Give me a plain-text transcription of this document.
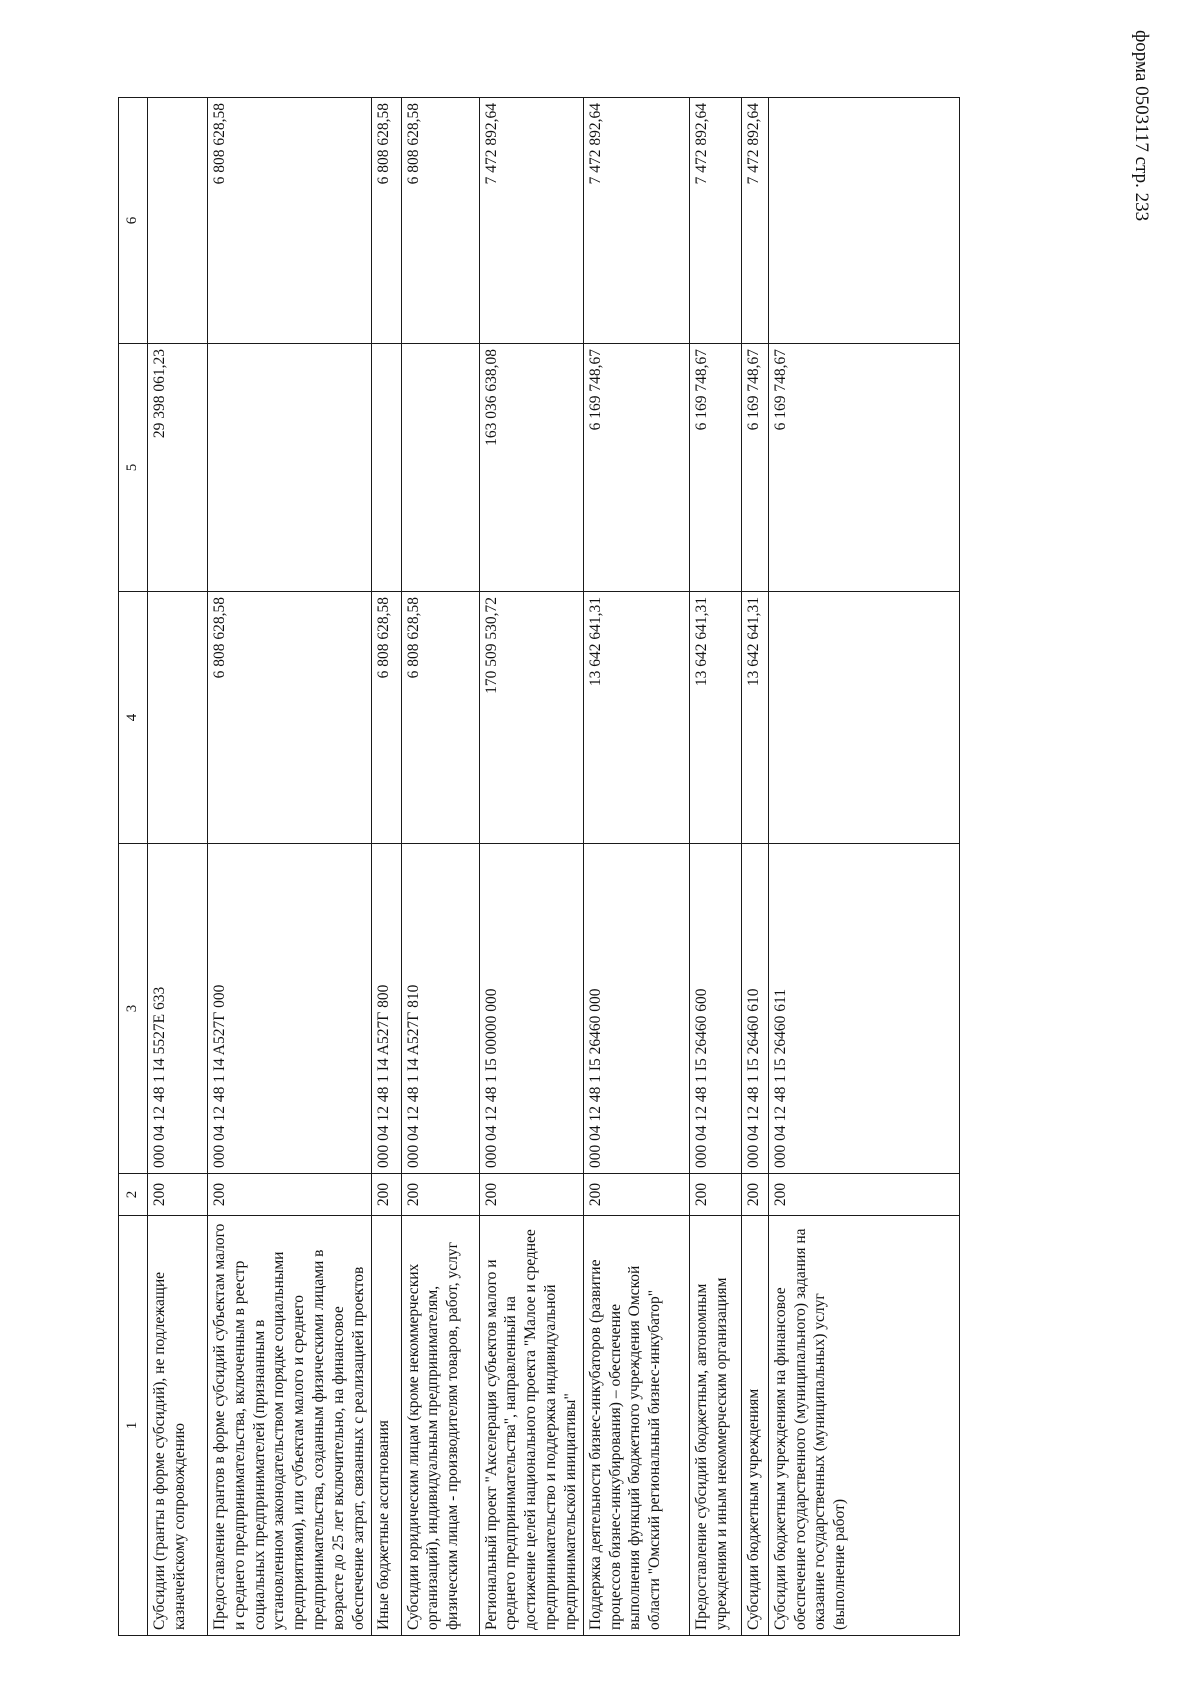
форма 0503117 стр. 233
1	2	3	4	5	6
Субсидии (гранты в форме субсидий), не подлежащие казначейскому сопровождению	200	000 04 12 48 1 I4 5527E 633		29 398 061,23	
Предоставление грантов в форме субсидий субъектам малого и среднего предпринимательства, включенным в реестр социальных предпринимателей (признанным в установленном законодательством порядке социальными предприятиями), или субъектам малого и среднего предпринимательства, созданным физическими лицами в возрасте до 25 лет включительно, на финансовое обеспечение затрат, связанных с реализацией проектов	200	000 04 12 48 1 I4 A527Г 000	6 808 628,58		6 808 628,58
Иные бюджетные ассигнования	200	000 04 12 48 1 I4 A527Г 800	6 808 628,58		6 808 628,58
Субсидии юридическим лицам (кроме некоммерческих организаций), индивидуальным предпринимателям, физическим лицам - производителям товаров, работ, услуг	200	000 04 12 48 1 I4 A527Г 810	6 808 628,58		6 808 628,58
Региональный проект "Акселерация субъектов малого и среднего предпринимательства", направленный на достижение целей национального проекта "Малое и среднее предпринимательство и поддержка индивидуальной предпринимательской инициативы"	200	000 04 12 48 1 I5 00000 000	170 509 530,72	163 036 638,08	7 472 892,64
Поддержка деятельности бизнес-инкубаторов (развитие процессов бизнес-инкубирования) – обеспечение выполнения функций бюджетного учреждения Омской области "Омский региональный бизнес-инкубатор"	200	000 04 12 48 1 I5 26460 000	13 642 641,31	6 169 748,67	7 472 892,64
Предоставление субсидий бюджетным, автономным учреждениям и иным некоммерческим организациям	200	000 04 12 48 1 I5 26460 600	13 642 641,31	6 169 748,67	7 472 892,64
Субсидии бюджетным учреждениям	200	000 04 12 48 1 I5 26460 610	13 642 641,31	6 169 748,67	7 472 892,64
Субсидии бюджетным учреждениям на финансовое обеспечение государственного (муниципального) задания на оказание государственных (муниципальных) услуг (выполнение работ)	200	000 04 12 48 1 I5 26460 611		6 169 748,67	
